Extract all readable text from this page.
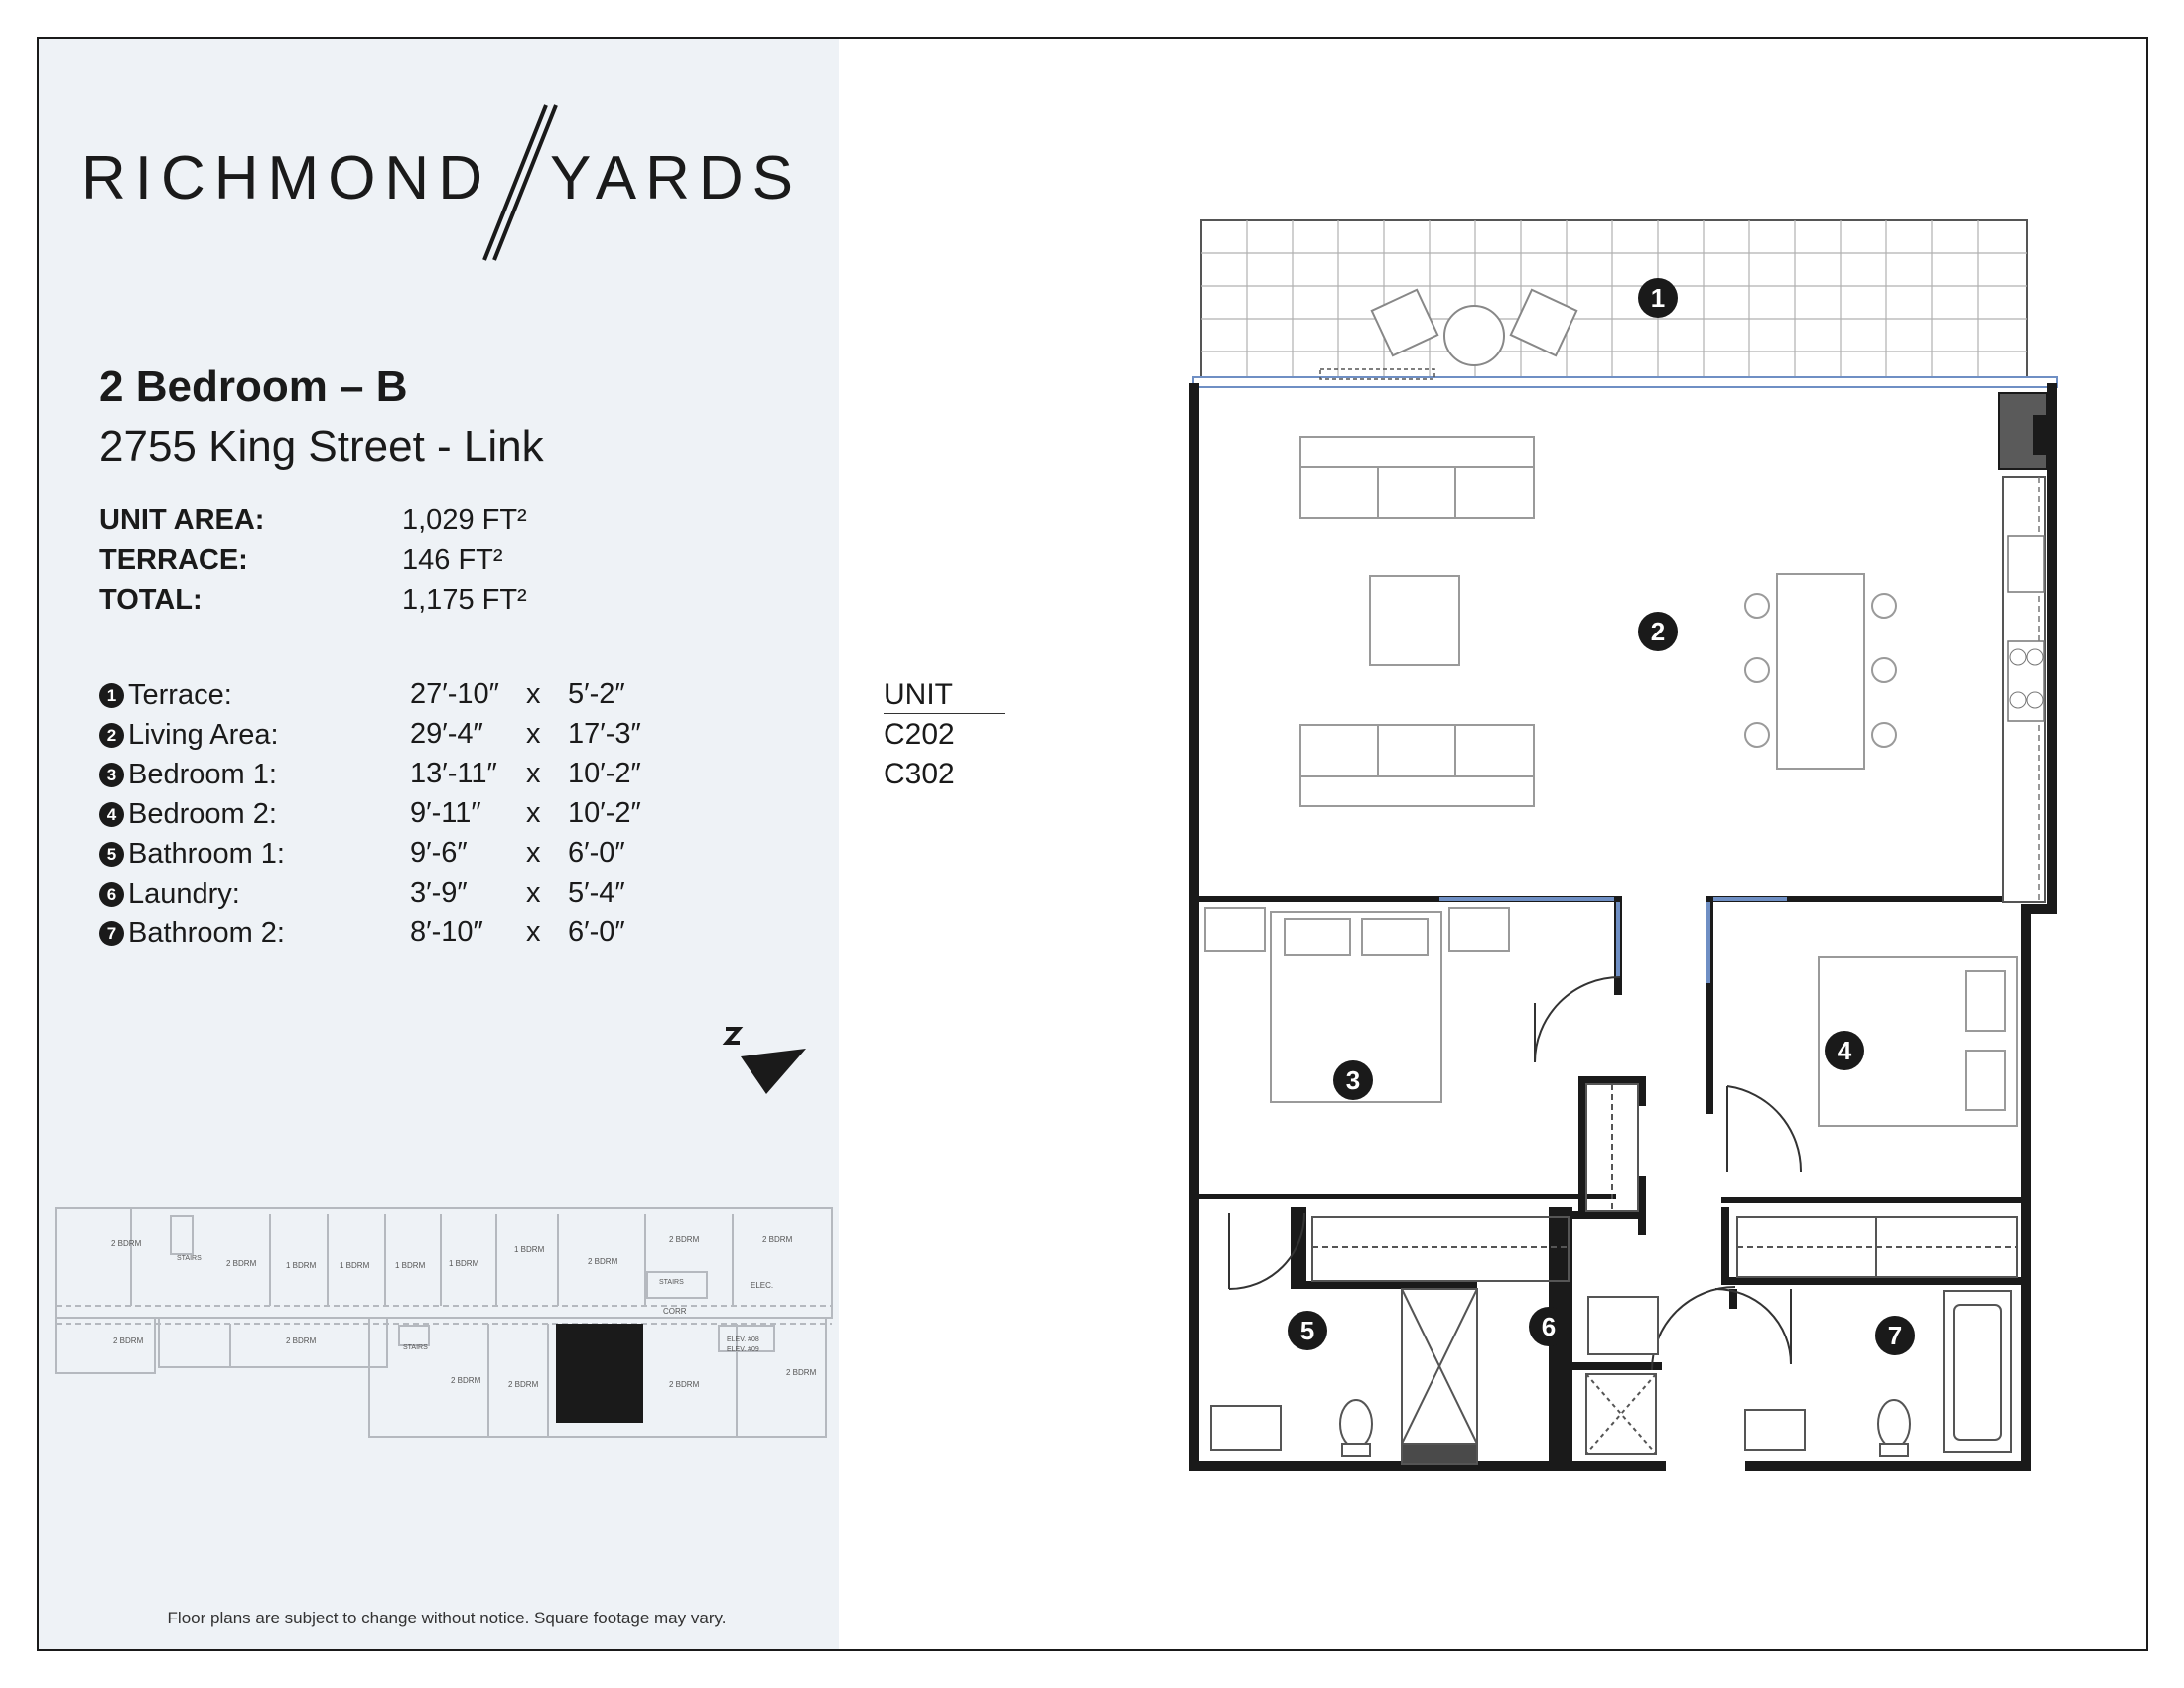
RICHMOND YARDS
2 Bedroom – B
2755 King Street - Link
UNIT AREA:	1,029 FT²
TERRACE:	146 FT²
TOTAL:	1,175 FT²
1 Terrace:	27′-10″ x 5′-2″
2 Living Area:	29′-4″ x 17′-3″
3 Bedroom 1:	13′-11″ x 10′-2″
4 Bedroom 2:	9′-11″ x 10′-2″
5 Bathroom 1:	9′-6″ x 6′-0″
6 Laundry:	3′-9″ x 5′-4″
7 Bathroom 2:	8′-10″ x 6′-0″
2 BDRM
2 BDRM	1 BDRM	1 BDRM	1 BDRM	1 BDRM
1 BDRM
2 BDRM
2 BDRM	2 BDRM
2 BDRM	2 BDRM
2 BDRM	2 BDRM	2 BDRM
2 BDRM
CORR
ELEC.
STAIRS
STAIRS
STAIRS
ELEV. #08
ELEV. #09
Floor plans are subject to change without notice. Square footage may vary.
UNIT
C202
C302
1
2
3
4
5	6	7
